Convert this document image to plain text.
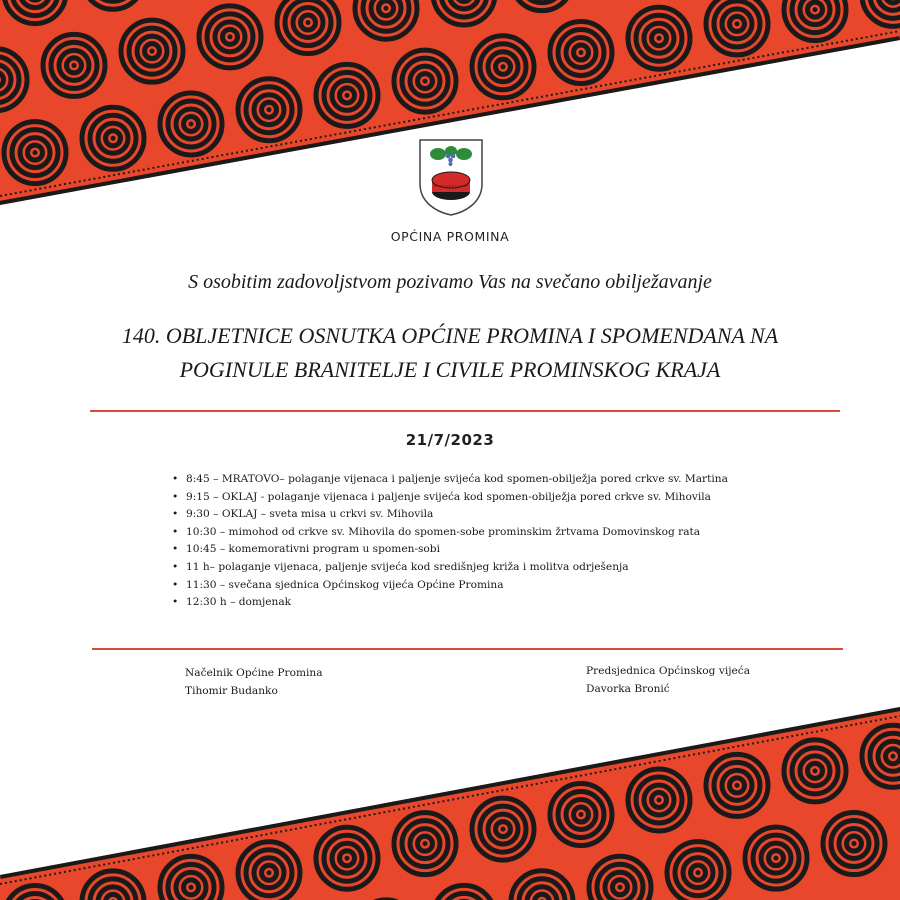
OPĆINA PROMINA
S osobitim zadovoljstvom pozivamo Vas na svečano obilježavanje
140. OBLJETNICE OSNUTKA OPĆINE PROMINA I SPOMENDANA NA
POGINULE BRANITELJE I CIVILE PROMINSKOG KRAJA
21/7/2023
• 8:45 – MRATOVO– polaganje vijenaca i paljenje svijeća kod spomen-obilježja pored crkve sv. Martina
• 9:15 – OKLAJ - polaganje vijenaca i paljenje svijeća kod spomen-obilježja pored crkve sv. Mihovila
• 9:30 – OKLAJ – sveta misa u crkvi sv. Mihovila
• 10:30 – mimohod od crkve sv. Mihovila do spomen-sobe prominskim žrtvama Domovinskog rata
• 10:45 – komemorativni program u spomen-sobi
• 11 h– polaganje vijenaca, paljenje svijeća kod središnjeg križa i molitva odrješenja
• 11:30 – svečana sjednica Općinskog vijeća Općine Promina
• 12:30 h – domjenak
Načelnik Općine Promina
Tihomir Budanko
Predsjednica Općinskog vijeća
Davorka Bronić
